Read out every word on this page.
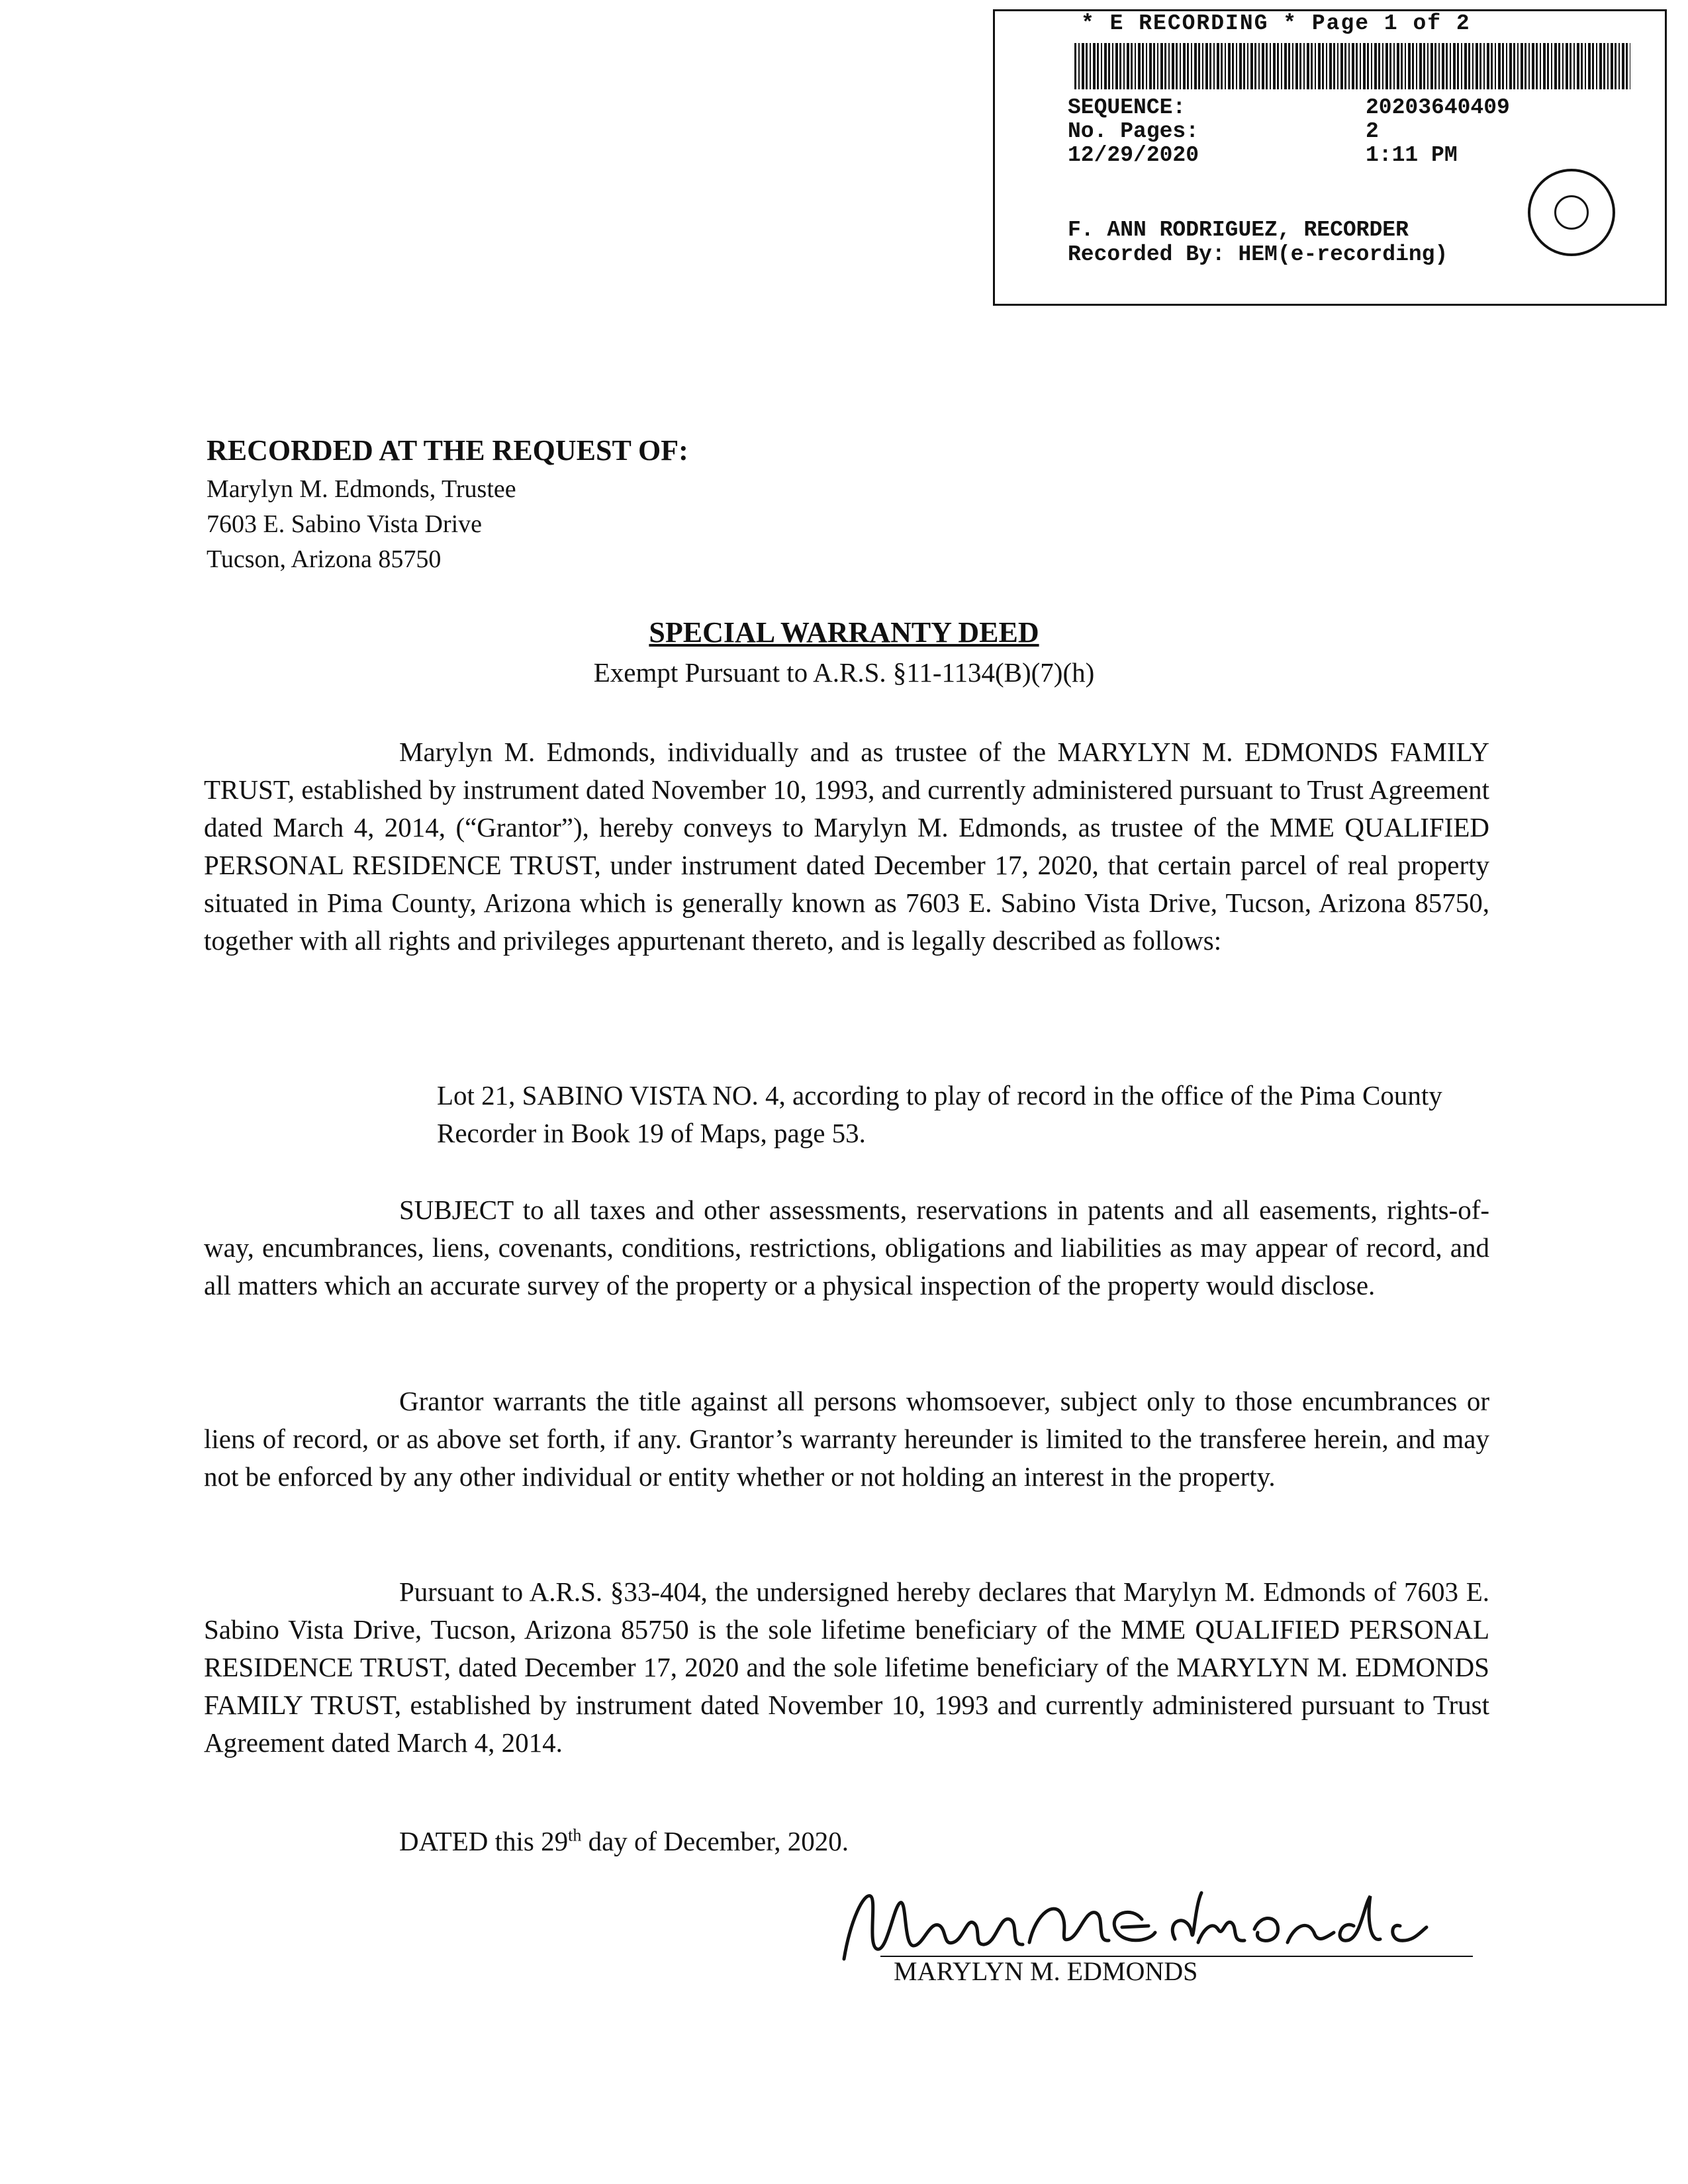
* E RECORDING * Page 1 of 2
SEQUENCE:	20203640409
No. Pages:	2
12/29/2020	1:11 PM
F. ANN RODRIGUEZ, RECORDER
Recorded By: HEM(e-recording)
RECORDED AT THE REQUEST OF:
Marylyn M. Edmonds, Trustee
7603 E. Sabino Vista Drive
Tucson, Arizona 85750
SPECIAL WARRANTY DEED
Exempt Pursuant to A.R.S. §11-1134(B)(7)(h)

Marylyn M. Edmonds, individually and as trustee of the MARYLYN M. EDMONDS FAMILY TRUST, established by instrument dated November 10, 1993, and currently administered pursuant to Trust Agreement dated March 4, 2014, (“Grantor”), hereby conveys to Marylyn M. Edmonds, as trustee of the MME QUALIFIED PERSONAL RESIDENCE TRUST, under instrument dated December 17, 2020, that certain parcel of real property situated in Pima County, Arizona which is generally known as 7603 E. Sabino Vista Drive, Tucson, Arizona 85750, together with all rights and privileges appurtenant thereto, and is legally described as follows:

Lot 21, SABINO VISTA NO. 4, according to play of record in the office of the Pima County Recorder in Book 19 of Maps, page 53.

SUBJECT to all taxes and other assessments, reservations in patents and all easements, rights-of-way, encumbrances, liens, covenants, conditions, restrictions, obligations and liabilities as may appear of record, and all matters which an accurate survey of the property or a physical inspection of the property would disclose.

Grantor warrants the title against all persons whomsoever, subject only to those encumbrances or liens of record, or as above set forth, if any. Grantor’s warranty hereunder is limited to the transferee herein, and may not be enforced by any other individual or entity whether or not holding an interest in the property.

Pursuant to A.R.S. §33-404, the undersigned hereby declares that Marylyn M. Edmonds of 7603 E. Sabino Vista Drive, Tucson, Arizona 85750 is the sole lifetime beneficiary of the MME QUALIFIED PERSONAL RESIDENCE TRUST, dated December 17, 2020 and the sole lifetime beneficiary of the MARYLYN M. EDMONDS FAMILY TRUST, established by instrument dated November 10, 1993 and currently administered pursuant to Trust Agreement dated March 4, 2014.

DATED this 29th day of December, 2020.
MARYLYN M. EDMONDS
